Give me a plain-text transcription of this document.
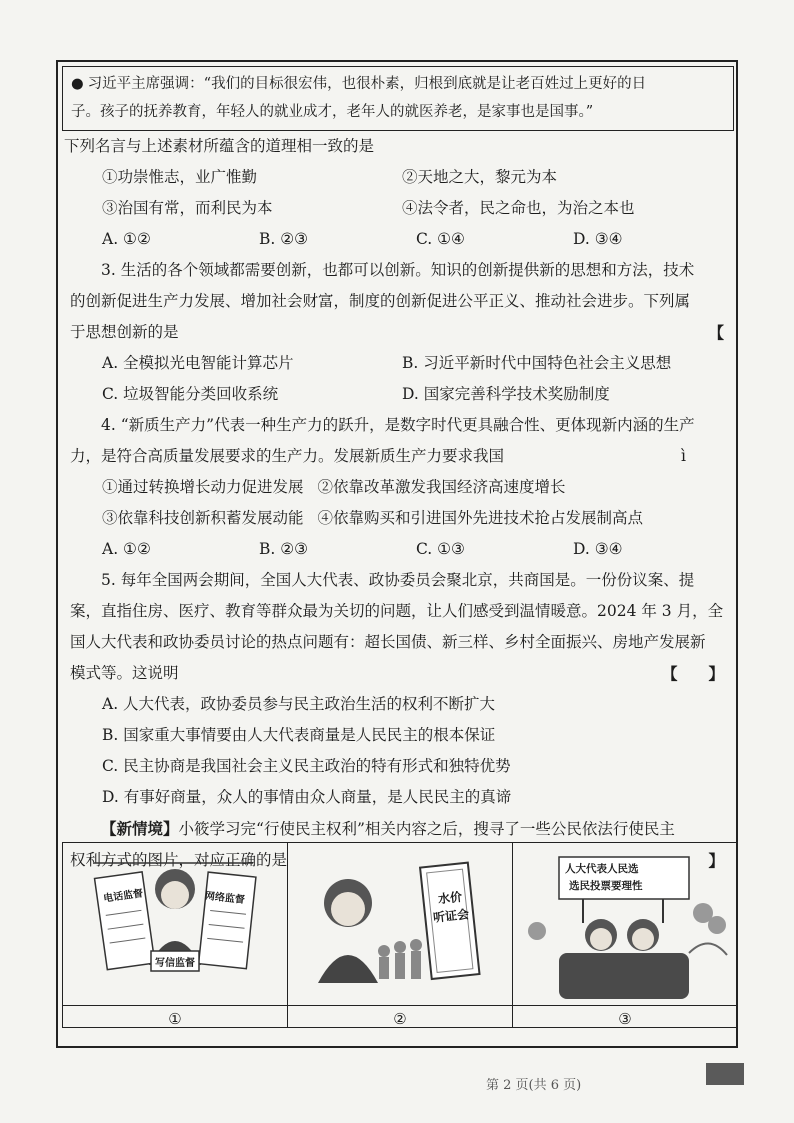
● 习近平主席强调：“我们的目标很宏伟，也很朴素，归根到底就是让老百姓过上更好的日
子。孩子的抚养教育，年轻人的就业成才，老年人的就医养老，是家事也是国事。”
下列名言与上述素材所蕴含的道理相一致的是
①功崇惟志，业广惟勤	②天地之大，黎元为本
③治国有常，而利民为本	④法令者，民之命也，为治之本也
A. ①②	B. ②③	C. ①④	D. ③④
3. 生活的各个领域都需要创新，也都可以创新。知识的创新提供新的思想和方法，技术
的创新促进生产力发展、增加社会财富，制度的创新促进公平正义、推动社会进步。下列属
于思想创新的是	【
A. 全模拟光电智能计算芯片	B. 习近平新时代中国特色社会主义思想
C. 垃圾智能分类回收系统	D. 国家完善科学技术奖励制度
4. “新质生产力”代表一种生产力的跃升，是数字时代更具融合性、更体现新内涵的生产
力，是符合高质量发展要求的生产力。发展新质生产力要求我国	ì
①通过转换增长动力促进发展 ②依靠改革激发我国经济高速度增长
③依靠科技创新积蓄发展动能 ④依靠购买和引进国外先进技术抢占发展制高点
A. ①②	B. ②③	C. ①③	D. ③④
5. 每年全国两会期间，全国人大代表、政协委员会聚北京，共商国是。一份份议案、提
案，直指住房、医疗、教育等群众最为关切的问题，让人们感受到温情暖意。2024 年 3 月，全
国人大代表和政协委员讨论的热点问题有：超长国债、新三样、乡村全面振兴、房地产发展新
模式等。这说明	【　　】
A. 人大代表，政协委员参与民主政治生活的权利不断扩大
B. 国家重大事情要由人大代表商量是人民民主的根本保证
C. 民主协商是我国社会主义民主政治的特有形式和独特优势
D. 有事好商量，众人的事情由众人商量，是人民民主的真谛
【新情境】小筱学习完“行使民主权利”相关内容之后，搜寻了一些公民依法行使民主
权利方式的图片，对应正确的是	】
电话监督	网络监督
写信监督
①
水价
听证会
②
人大代表人民选
选民投票要理性
③
第 2 页(共 6 页)
